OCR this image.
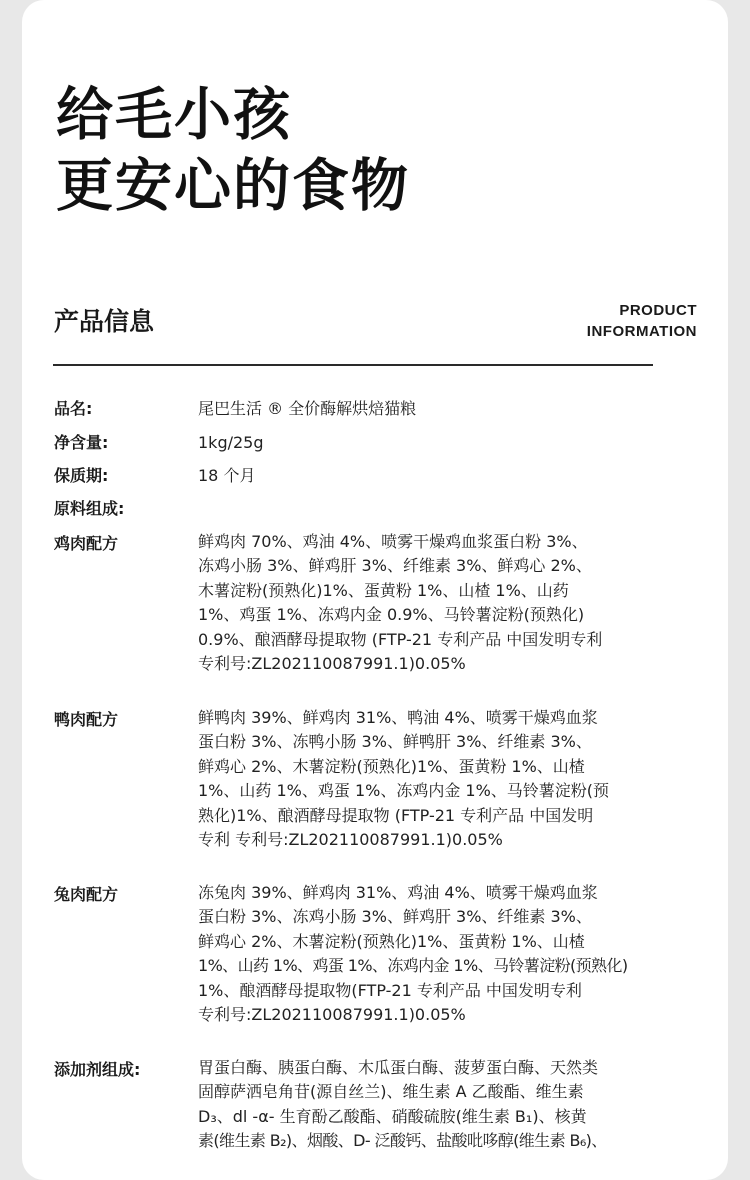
给毛小孩
更安心的食物
产品信息	PRODUCT
INFORMATION
品名:	尾巴生活 ® 全价酶解烘焙猫粮
净含量:	1kg/25g
保质期:	18 个月
原料组成:
鸡肉配方	鲜鸡肉 70%、鸡油 4%、喷雾干燥鸡血浆蛋白粉 3%、
冻鸡小肠 3%、鲜鸡肝 3%、纤维素 3%、鲜鸡心 2%、
木薯淀粉(预熟化)1%、蛋黄粉 1%、山楂 1%、山药
1%、鸡蛋 1%、冻鸡内金 0.9%、马铃薯淀粉(预熟化)
0.9%、酿酒酵母提取物 (FTP-21 专利产品 中国发明专利
专利号:ZL202110087991.1)0.05%
鸭肉配方	鲜鸭肉 39%、鲜鸡肉 31%、鸭油 4%、喷雾干燥鸡血浆
蛋白粉 3%、冻鸭小肠 3%、鲜鸭肝 3%、纤维素 3%、
鲜鸡心 2%、木薯淀粉(预熟化)1%、蛋黄粉 1%、山楂
1%、山药 1%、鸡蛋 1%、冻鸡内金 1%、马铃薯淀粉(预
熟化)1%、酿酒酵母提取物 (FTP-21 专利产品 中国发明
专利 专利号:ZL202110087991.1)0.05%
兔肉配方	冻兔肉 39%、鲜鸡肉 31%、鸡油 4%、喷雾干燥鸡血浆
蛋白粉 3%、冻鸡小肠 3%、鲜鸡肝 3%、纤维素 3%、
鲜鸡心 2%、木薯淀粉(预熟化)1%、蛋黄粉 1%、山楂
1%、山药 1%、鸡蛋 1%、冻鸡内金 1%、马铃薯淀粉(预熟化)
1%、酿酒酵母提取物(FTP-21 专利产品 中国发明专利
专利号:ZL202110087991.1)0.05%
添加剂组成:	胃蛋白酶、胰蛋白酶、木瓜蛋白酶、菠萝蛋白酶、天然类
固醇萨洒皂角苷(源自丝兰)、维生素 A 乙酸酯、维生素
D₃、dl -α- 生育酚乙酸酯、硝酸硫胺(维生素 B₁)、核黄
素(维生素 B₂)、烟酸、D- 泛酸钙、盐酸吡哆醇(维生素 B₆)、
